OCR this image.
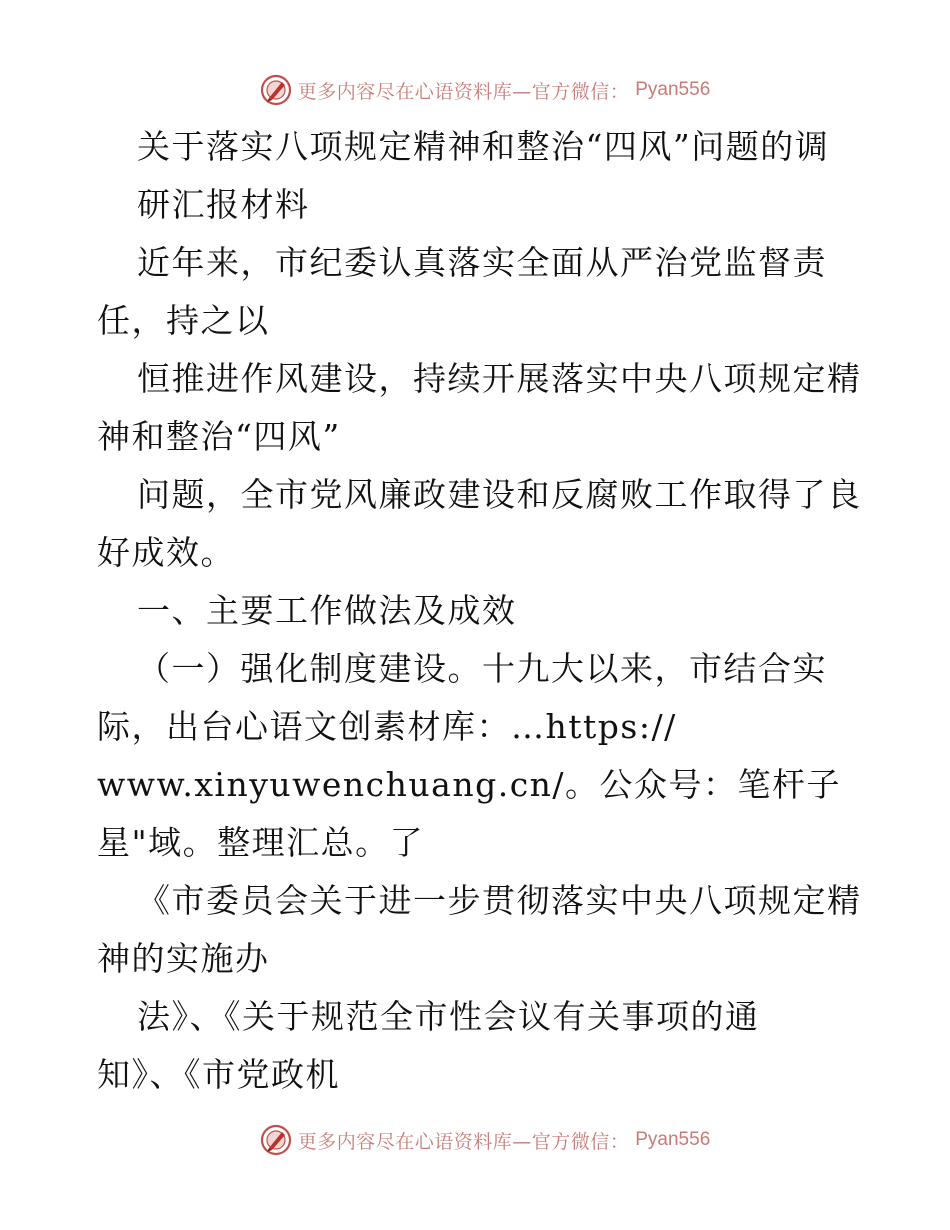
更多内容尽在心语资料库—官方微信： Pyan556
关于落实八项规定精神和整治“四风”问题的调
研汇报材料
近年来，市纪委认真落实全面从严治党监督责
任，持之以
恒推进作风建设，持续开展落实中央八项规定精
神和整治“四风”
问题，全市党风廉政建设和反腐败工作取得了良
好成效。
一、主要工作做法及成效
（一）强化制度建设。十九大以来，市结合实
际，出台心语文创素材库：…https://
www.xinyuwenchuang.cn/。公众号：笔杆子
星"域。整理汇总。了
《市委员会关于进一步贯彻落实中央八项规定精
神的实施办
法》、《关于规范全市性会议有关事项的通
知》、《市党政机
更多内容尽在心语资料库—官方微信： Pyan556
